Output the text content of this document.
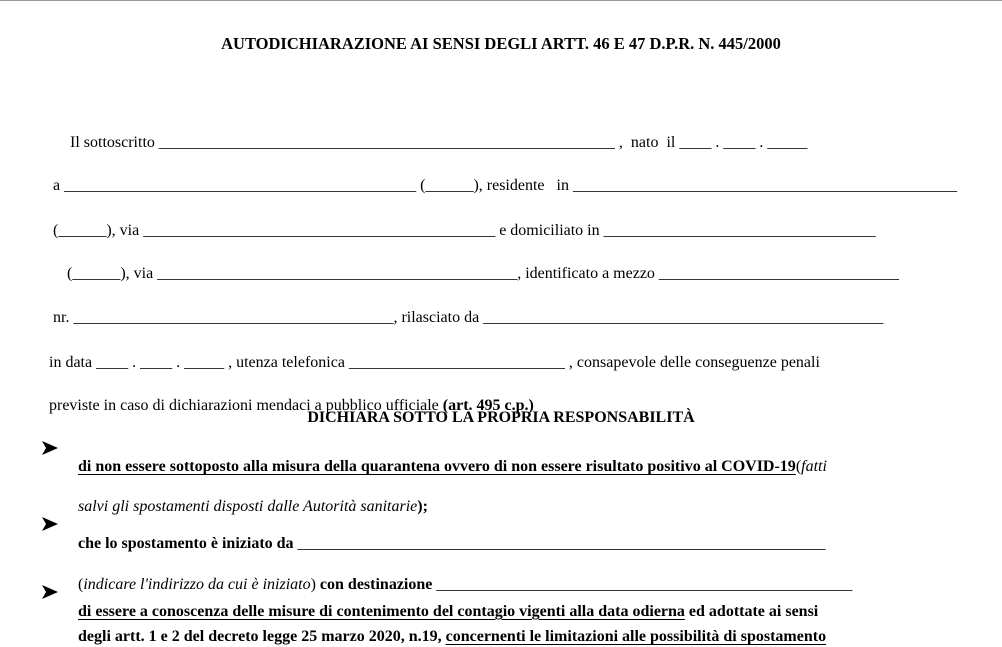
AUTODICHIARAZIONE AI SENSI DEGLI ARTT. 46 E 47 D.P.R. N. 445/2000

Il sottoscritto _________________________________________________________ ,  nato  il ____ . ____ . _____

a ____________________________________________ (______), residente   in ________________________________________________

(______), via ____________________________________________ e domiciliato in __________________________________

(______), via _____________________________________________, identificato a mezzo ______________________________

nr. ________________________________________, rilasciato da __________________________________________________

in data ____ . ____ . _____ , utenza telefonica ___________________________ , consapevole delle conseguenze penali

previste in caso di dichiarazioni mendaci a pubblico ufficiale (art. 495 c.p.)

DICHIARA SOTTO LA PROPRIA RESPONSABILITÀ

di non essere sottoposto alla misura della quarantena ovvero di non essere risultato positivo al COVID-19(fatti

salvi gli spostamenti disposti dalle Autorità sanitarie);

che lo spostamento è iniziato da __________________________________________________________________

(indicare l'indirizzo da cui è iniziato) con destinazione ____________________________________________________

di essere a conoscenza delle misure di contenimento del contagio vigenti alla data odierna ed adottate ai sensi

degli artt. 1 e 2 del decreto legge 25 marzo 2020, n.19, concernenti le limitazioni alle possibilità di spostamento
